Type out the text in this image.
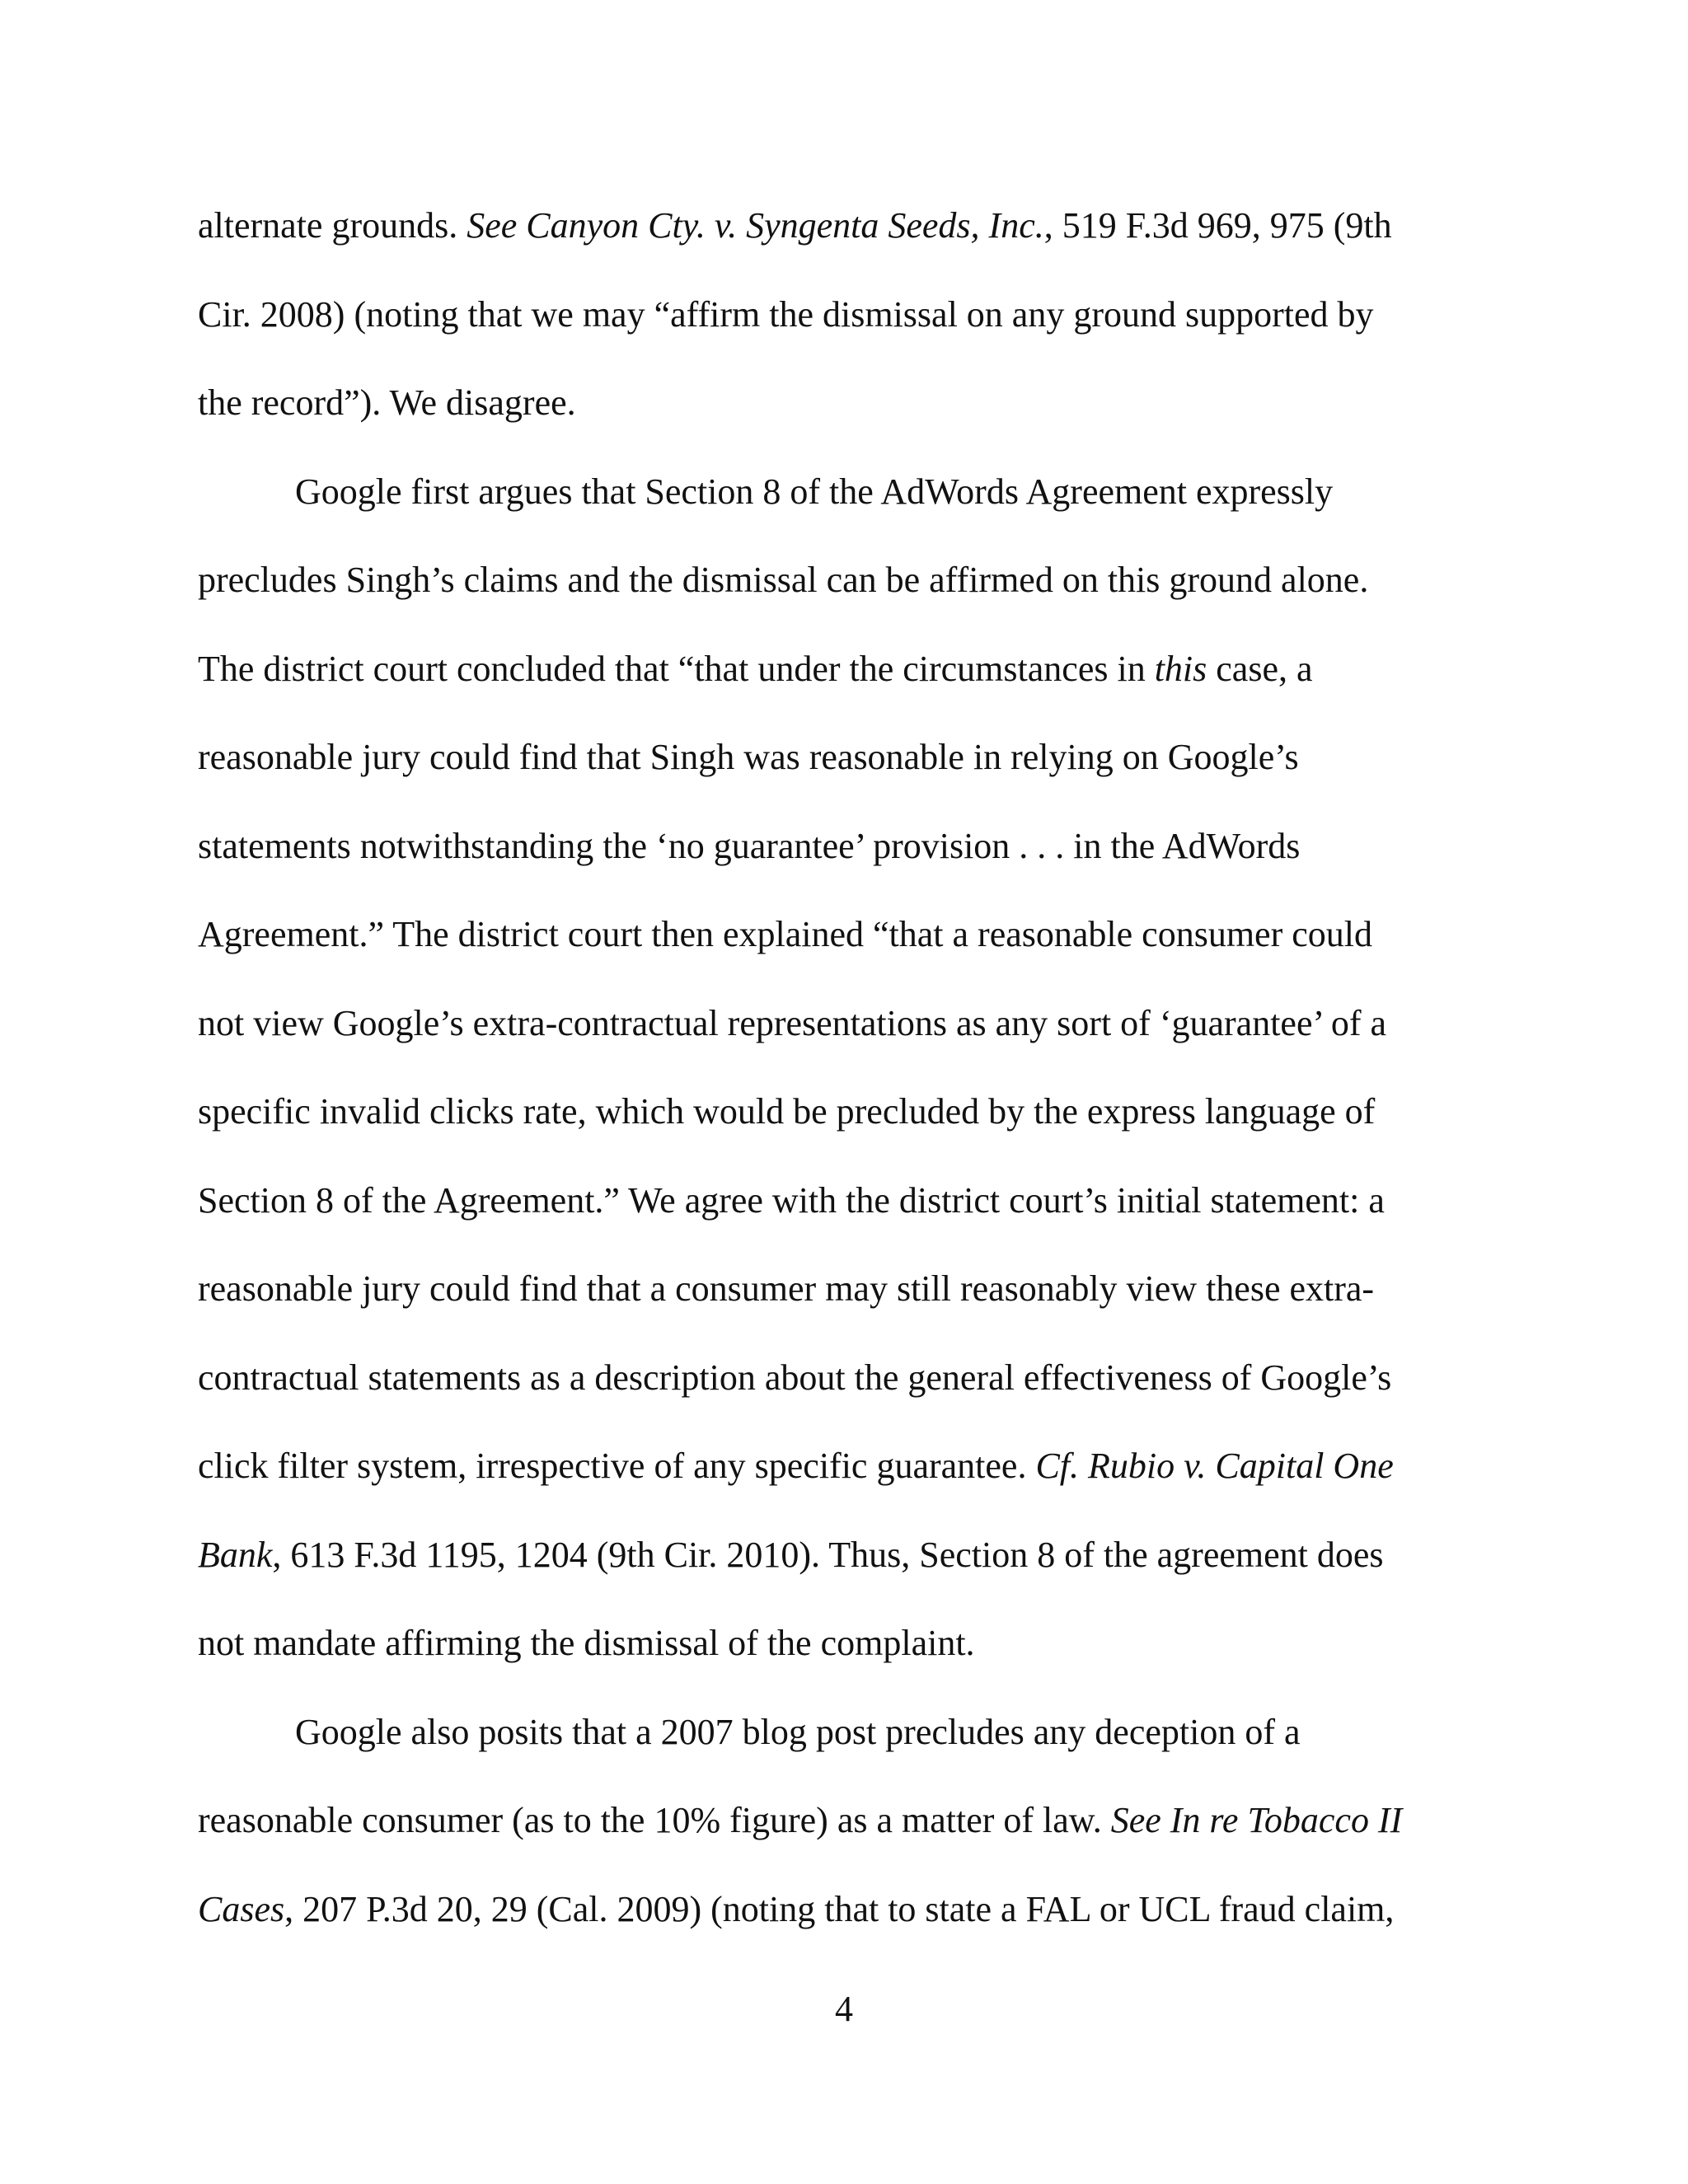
alternate grounds. See Canyon Cty. v. Syngenta Seeds, Inc., 519 F.3d 969, 975 (9th
Cir. 2008) (noting that we may “affirm the dismissal on any ground supported by
the record”). We disagree.
Google first argues that Section 8 of the AdWords Agreement expressly
precludes Singh’s claims and the dismissal can be affirmed on this ground alone.
The district court concluded that “that under the circumstances in this case, a
reasonable jury could find that Singh was reasonable in relying on Google’s
statements notwithstanding the ‘no guarantee’ provision . . . in the AdWords
Agreement.” The district court then explained “that a reasonable consumer could
not view Google’s extra-contractual representations as any sort of ‘guarantee’ of a
specific invalid clicks rate, which would be precluded by the express language of
Section 8 of the Agreement.” We agree with the district court’s initial statement: a
reasonable jury could find that a consumer may still reasonably view these extra-
contractual statements as a description about the general effectiveness of Google’s
click filter system, irrespective of any specific guarantee. Cf. Rubio v. Capital One
Bank, 613 F.3d 1195, 1204 (9th Cir. 2010). Thus, Section 8 of the agreement does
not mandate affirming the dismissal of the complaint.
Google also posits that a 2007 blog post precludes any deception of a
reasonable consumer (as to the 10% figure) as a matter of law. See In re Tobacco II
Cases, 207 P.3d 20, 29 (Cal. 2009) (noting that to state a FAL or UCL fraud claim,
4
